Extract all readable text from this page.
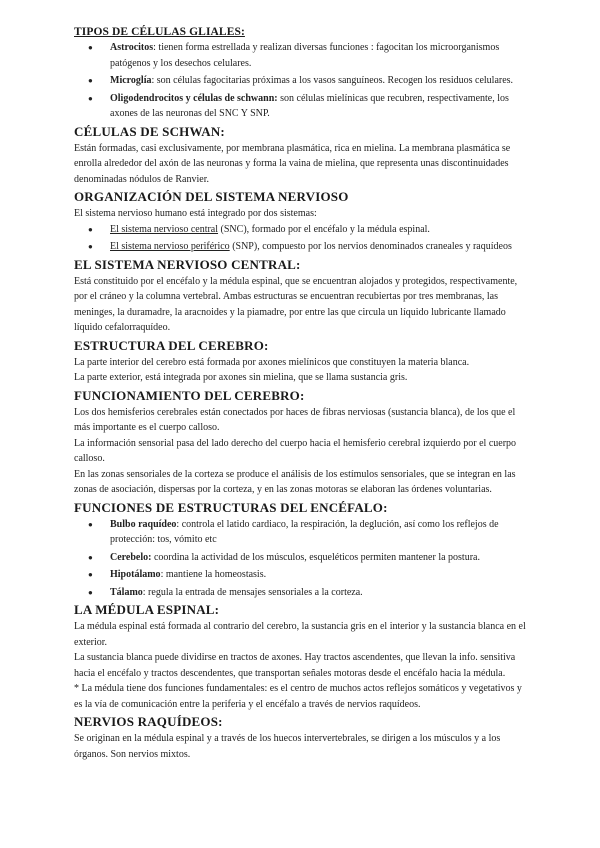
TIPOS DE CÉLULAS GLIALES:
● Astrocitos: tienen forma estrellada y realizan diversas funciones : fagocitan los microorganismos patógenos y los desechos celulares.
● Microglía: son células fagocitarias próximas a los vasos sanguíneos. Recogen los residuos celulares.
● Oligodendrocitos y células de schwann: son células mielínicas que recubren, respectivamente, los axones de las neuronas del SNC Y SNP.
CÉLULAS DE SCHWAN:

Están formadas, casi exclusivamente, por membrana plasmática, rica en mielina. La membrana plasmática se enrolla alrededor del axón de las neuronas y forma la vaina de mielina, que representa unas discontinuidades denominadas nódulos de Ranvier.

ORGANIZACIÓN DEL SISTEMA NERVIOSO

El sistema nervioso humano está integrado por dos sistemas:

● El sistema nervioso central (SNC), formado por el encéfalo y la médula espinal.
● El sistema nervioso periférico (SNP), compuesto por los nervios denominados craneales y raquídeos
EL SISTEMA NERVIOSO CENTRAL:

Está constituido por el encéfalo y la médula espinal, que se encuentran alojados y protegidos, respectivamente, por el cráneo y la columna vertebral. Ambas estructuras se encuentran recubiertas por tres membranas, las meninges, la duramadre, la aracnoides y la piamadre, por entre las que circula un líquido lubricante llamado líquido cefalorraquídeo.

ESTRUCTURA DEL CEREBRO:

La parte interior del cerebro está formada por axones mielínicos que constituyen la materia blanca.

La parte exterior, está integrada por axones sin mielina, que se llama sustancia gris.

FUNCIONAMIENTO DEL CEREBRO:

Los dos hemisferios cerebrales están conectados por haces de fibras nerviosas (sustancia blanca), de los que el más importante es el cuerpo calloso.

La información sensorial pasa del lado derecho del cuerpo hacia el hemisferio cerebral izquierdo por el cuerpo calloso.

En las zonas sensoriales de la corteza se produce el análisis de los estímulos sensoriales, que se integran en las zonas de asociación, dispersas por la corteza, y en las zonas motoras se elaboran las órdenes voluntarias.

FUNCIONES DE ESTRUCTURAS DEL ENCÉFALO:
● Bulbo raquídeo: controla el latido cardiaco, la respiración, la deglución, así como los reflejos de protección: tos, vómito etc
● Cerebelo: coordina la actividad de los músculos, esqueléticos permiten mantener la postura.
● Hipotálamo: mantiene la homeostasis.
● Tálamo: regula la entrada de mensajes sensoriales a la corteza.
LA MÉDULA ESPINAL:

La médula espinal está formada al contrario del cerebro, la sustancia gris en el interior y la sustancia blanca en el exterior.

La sustancia blanca puede dividirse en tractos de axones. Hay tractos ascendentes, que llevan la info. sensitiva hacia el encéfalo y tractos descendentes, que transportan señales motoras desde el encéfalo hacia la médula.

* La médula tiene dos funciones fundamentales: es el centro de muchos actos reflejos somáticos y vegetativos y es la vía de comunicación entre la periferia y el encéfalo a través de nervios raquídeos.

NERVIOS RAQUÍDEOS:

Se originan en la médula espinal y a través de los huecos intervertebrales, se dirigen a los músculos y a los órganos. Son nervios mixtos.
